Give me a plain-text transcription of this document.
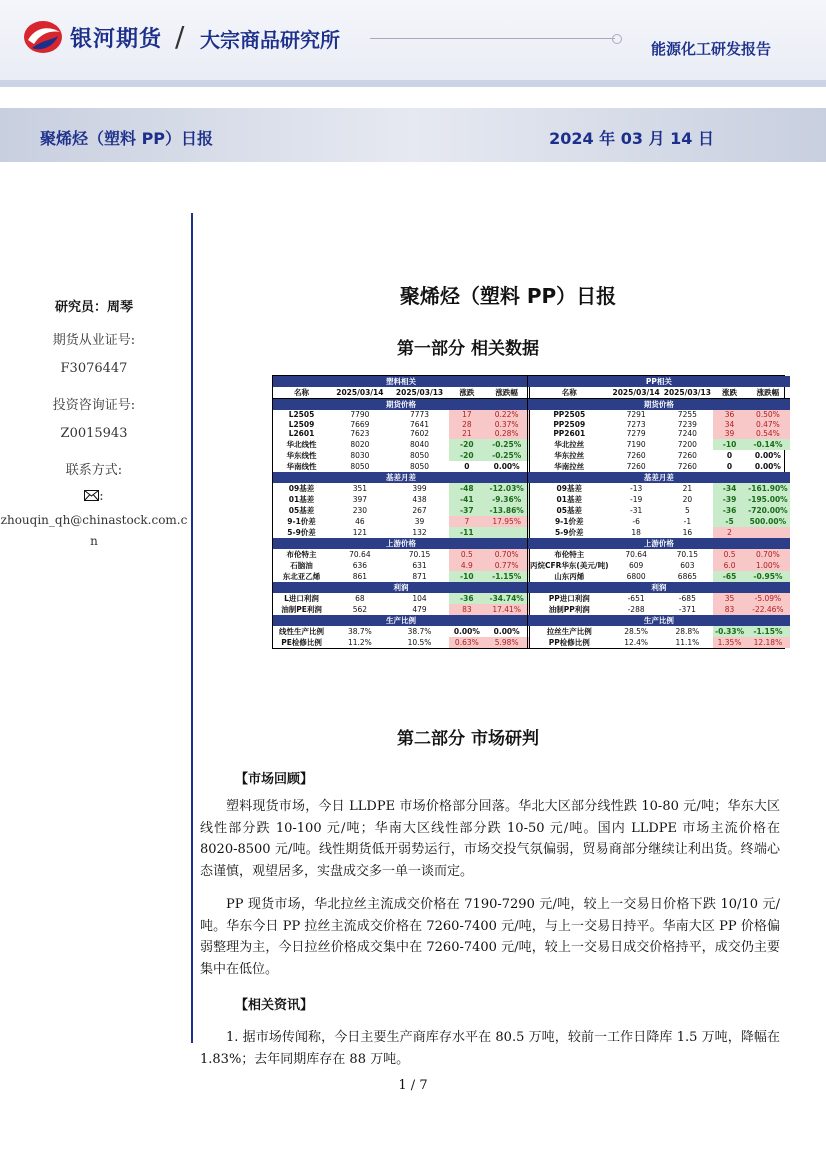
银河期货 / 大宗商品研究所	能源化工研发报告
聚烯烃（塑料 PP）日报	2024 年 03 月 14 日
研究员：周琴
期货从业证号:
F3076447
投资咨询证号:
Z0015943
联系方式:
:
zhouqin_qh@chinastock.com.c
n
聚烯烃（塑料 PP）日报
第一部分 相关数据
塑料相关				
名称	2025/03/14	2025/03/13	涨跌	涨跌幅
期货价格				
L2505	7790	7773	17	0.22%
L2509	7669	7641	28	0.37%
L2601	7623	7602	21	0.28%
华北线性	8020	8040	-20	-0.25%
华东线性	8030	8050	-20	-0.25%
华南线性	8050	8050	0	0.00%
基差月差				
09基差	351	399	-48	-12.03%
01基差	397	438	-41	-9.36%
05基差	230	267	-37	-13.86%
9-1价差	46	39	7	17.95%
5-9价差	121	132	-11	
上游价格				
布伦特主	70.64	70.15	0.5	0.70%
石脑油	636	631	4.9	0.77%
东北亚乙烯	861	871	-10	-1.15%
利润				
L进口利润	68	104	-36	-34.74%
油制PE利润	562	479	83	17.41%
生产比例				
线性生产比例	38.7%	38.7%	0.00%	0.00%
PE检修比例	11.2%	10.5%	0.63%	5.98%
PP相关				
名称	2025/03/14	2025/03/13	涨跌	涨跌幅
期货价格				
PP2505	7291	7255	36	0.50%
PP2509	7273	7239	34	0.47%
PP2601	7279	7240	39	0.54%
华北拉丝	7190	7200	-10	-0.14%
华东拉丝	7260	7260	0	0.00%
华南拉丝	7260	7260	0	0.00%
基差月差				
09基差	-13	21	-34	-161.90%
01基差	-19	20	-39	-195.00%
05基差	-31	5	-36	-720.00%
9-1价差	-6	-1	-5	500.00%
5-9价差	18	16	2	
上游价格				
布伦特主	70.64	70.15	0.5	0.70%
丙烷CFR华东(美元/吨)	609	603	6.0	1.00%
山东丙烯	6800	6865	-65	-0.95%
利润				
PP进口利润	-651	-685	35	-5.09%
油制PP利润	-288	-371	83	-22.46%
生产比例				
拉丝生产比例	28.5%	28.8%	-0.33%	-1.15%
PP检修比例	12.4%	11.1%	1.35%	12.18%
第二部分 市场研判
【市场回顾】
塑料现货市场，今日 LLDPE 市场价格部分回落。华北大区部分线性跌 10-80 元/吨；华东大区线性部分跌 10-100 元/吨；华南大区线性部分跌 10-50 元/吨。国内 LLDPE 市场主流价格在 8020-8500 元/吨。线性期货低开弱势运行，市场交投气氛偏弱，贸易商部分继续让利出货。终端心态谨慎，观望居多，实盘成交多一单一谈而定。
PP 现货市场，华北拉丝主流成交价格在 7190-7290 元/吨，较上一交易日价格下跌 10/10 元/吨。华东今日 PP 拉丝主流成交价格在 7260-7400 元/吨，与上一交易日持平。华南大区 PP 价格偏弱整理为主，今日拉丝价格成交集中在 7260-7400 元/吨，较上一交易日成交价格持平，成交仍主要集中在低位。
【相关资讯】
1. 据市场传闻称，今日主要生产商库存水平在 80.5 万吨，较前一工作日降库 1.5 万吨，降幅在 1.83%；去年同期库存在 88 万吨。
1 / 7
